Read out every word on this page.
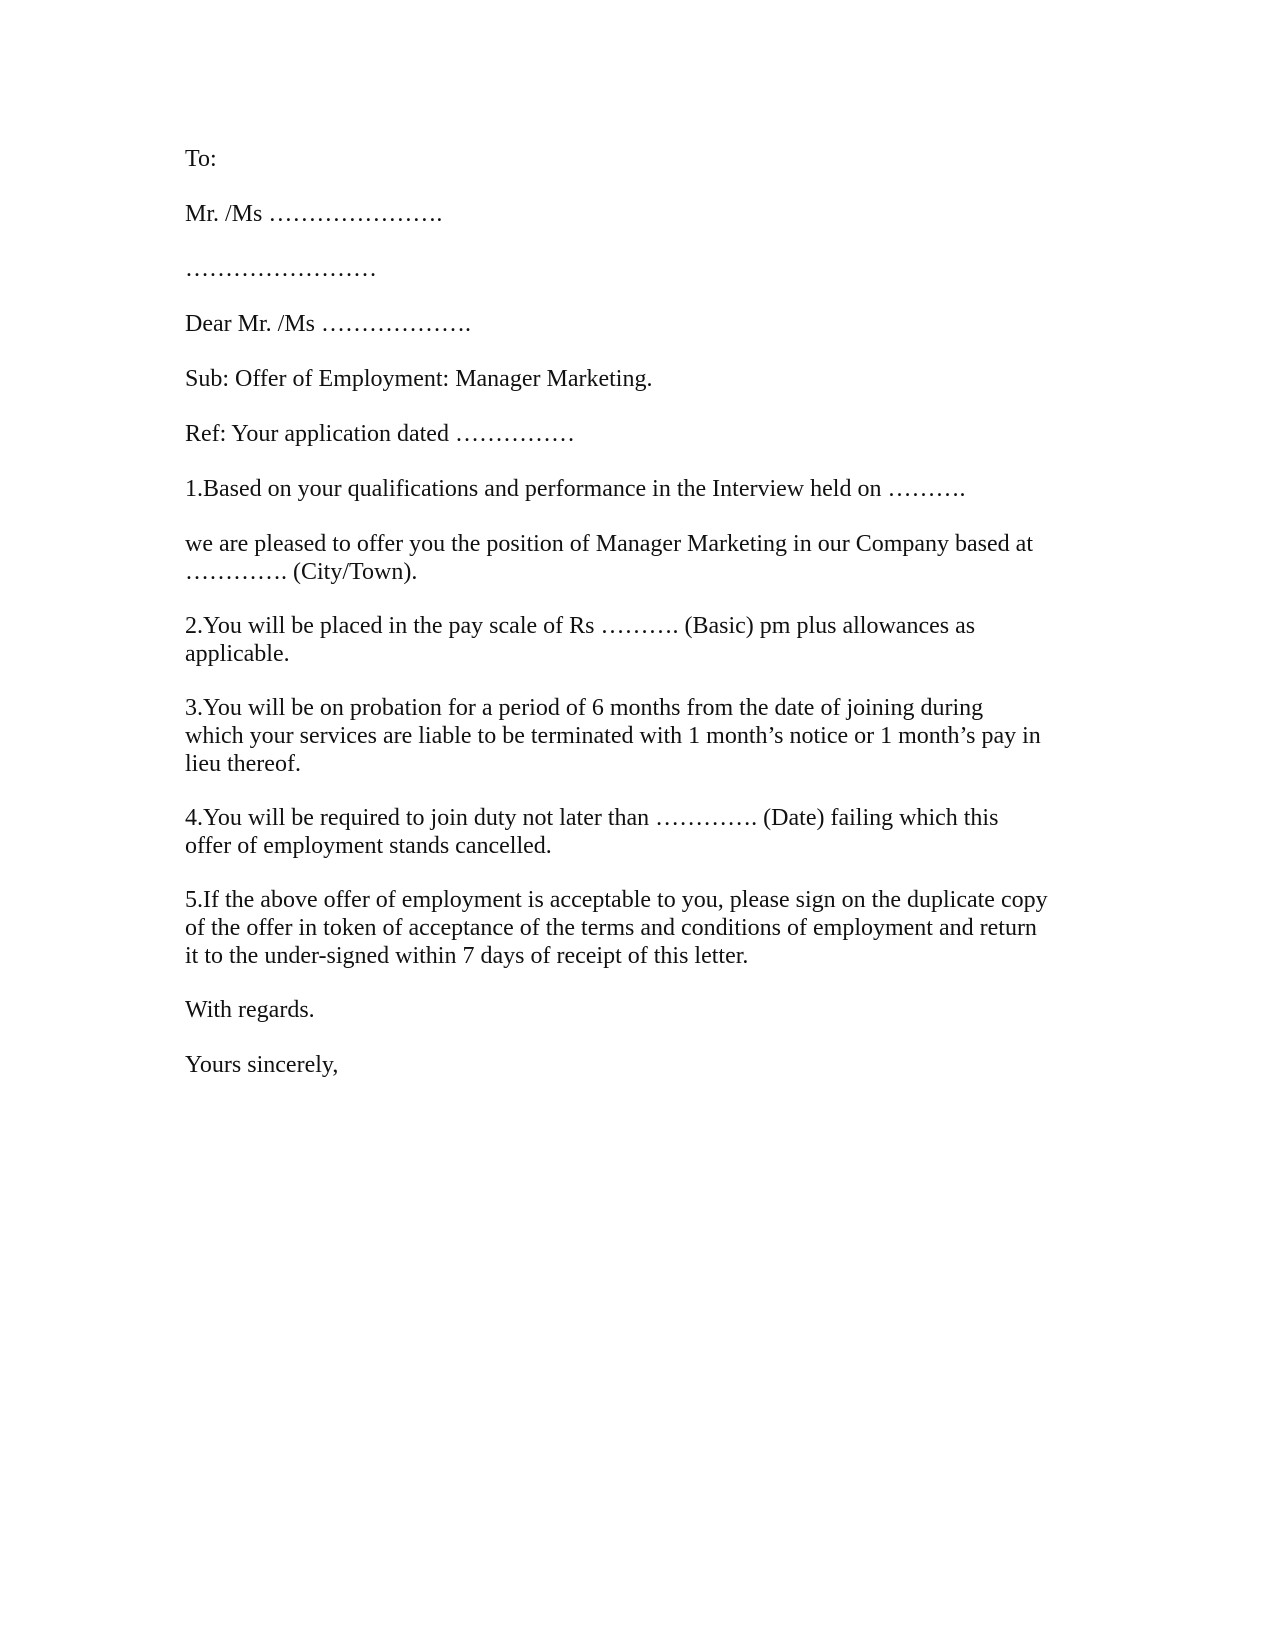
To:

Mr. /Ms ………………….

……………………

Dear Mr. /Ms ……………….

Sub: Offer of Employment: Manager Marketing.

Ref: Your application dated ……………

1.Based on your qualifications and performance in the Interview held on ……….

we are pleased to offer you the position of Manager Marketing in our Company based at

…………. (City/Town).

2.You will be placed in the pay scale of Rs ………. (Basic) pm plus allowances as

applicable.

3.You will be on probation for a period of 6 months from the date of joining during

which your services are liable to be terminated with 1 month’s notice or 1 month’s pay in

lieu thereof.

4.You will be required to join duty not later than …………. (Date) failing which this

offer of employment stands cancelled.

5.If the above offer of employment is acceptable to you, please sign on the duplicate copy

of the offer in token of acceptance of the terms and conditions of employment and return

it to the under-signed within 7 days of receipt of this letter.

With regards.

Yours sincerely,
